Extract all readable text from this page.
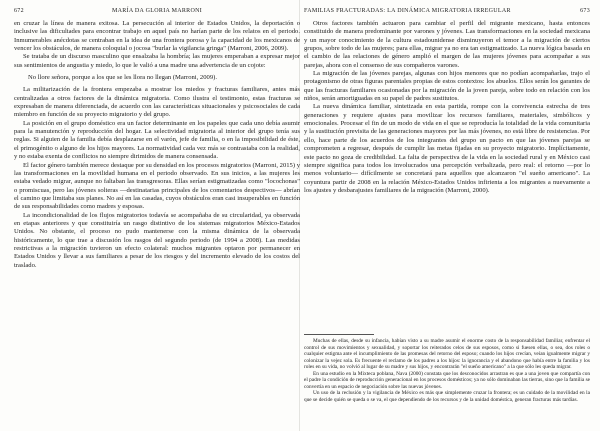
672	MARÍA DA GLORIA MARRONI

en cruzar la línea de manera exitosa. La persecución al interior de Estados Unidos, la deportación o inclusive las dificultades para encontrar trabajo en aquel país no harían parte de los relatos en el periodo. Inmumerables anécdotas se centraban en la idea de una frontera porosa y la capacidad de los mexicanos de vencer los obstáculos, de manera coloquial o jocosa "burlar la vigilancia gringa" (Marroni, 2006, 2009).

Se trataba de un discurso masculino que ensalzaba la hombría; las mujeres emperaban a expresar mejor sus sentimientos de angustia y miedo, lo que le valió a una madre una advertencia de un cojote:

No llore señora, porque a los que se les llora no llegan (Marroni, 2009).

La militarización de la frontera empezaba a mostrar los miedos y fracturas familiares, antes más centralizadas a otros factores de la dinámica migratoria. Como ilustra el testimonio, estas fracturas se expresaban de manera diferenciada, de acuerdo con las características situacionales y psicosociales de cada miembro en función de su proyecto migratorio y del grupo.

La posición en el grupo doméstico era un factor determinante en los papeles que cada uno debía asumir para la manutención y reproducción del hogar. La selectividad migratoria al interior del grupo tenía sus reglas. Si alguien de la familia debía desplazarse en el varón, jefe de familia, o en la imposibilidad de éste, el primogénito o alguno de los hijos mayores. La normatividad cada vez más se contrastaba con la realidad, y no estaba exenta de conflictos no siempre dirimidos de manera consensada.

El factor género también merece destaque por su densidad en los procesos migratorios (Marroni, 2015) y las transformaciones en la movilidad humana en el periodo observado. En sus inicios, a las mujeres les estaba vedado migrar, aunque no faltaban las transgresoras. Ellas serían estigmatizadas como "locochonas" o promiscuas, pero las jóvenes solteras —destinatarias principales de los comentarios despectivos— abrían el camino que limitaba sus planes. No así en las casadas, cuyos obstáculos eran casi insuperables en función de sus responsabilidades como madres y esposas.

La incondicionalidad de los flujos migratorios todavía se acompañaba de su circularidad, ya observada en etapas anteriores y que constituiría un rasgo distintivo de los sistemas migratorios México-Estados Unidos. No obstante, el proceso no pudo mantenerse con la misma dinámica de la observada históricamente, lo que trae a discusión los rasgos del segundo periodo (de 1994 a 2008). Las medidas restrictivas a la migración tuvieron un efecto colateral: muchos migrantes optaron por permanecer en Estados Unidos y llevar a sus familiares a pesar de los riesgos y del incremento elevado de los costos del traslado.

FAMILIAS FRACTURADAS: LA DINÁMICA MIGRATORIA IRREGULAR	673

Otros factores también actuaron para cambiar el perfil del migrante mexicano, hasta entonces constituido de manera predominante por varones y jóvenes. Las transformaciones en la sociedad mexicana y un mayor conocimiento de la cultura estadounidense disminuyeron el temor a la migración de ciertos grupos, sobre todo de las mujeres; para ellas, migrar ya no era tan estigmatizado. La nueva lógica basada en el cambio de las relaciones de género amplió el margen de las mujeres jóvenes para acompañar a sus parejas, ahora con el consenso de sus compañeros varones.

La migración de las jóvenes parejas, algunas con hijos menores que no podían acompañarlas, trajo el protagonismo de otras figuras parentales propias de estos contextos: los abuelos. Ellos serán los garantes de que las fracturas familiares ocasionadas por la migración de la joven pareja, sobre todo en relación con los niños, serán amortiguadas en su papel de padres sustitutos.

La nueva dinámica familiar, sintetizada en esta partida, rompe con la convivencia estrecha de tres generaciones y requiere ajustes para movilizar los recursos familiares, materiales, simbólicos y emocionales. Procesar el fin de un modo de vida en el que se reproducía la totalidad de la vida comunitaria y la sustitución previsita de las generaciones mayores por las más jóvenes, no está libre de resistencias. Por ello, hace parte de los acuerdos de los integrantes del grupo un pacto en que las jóvenes parejas se comprometen a regresar, después de cumplir las metas fijadas en su proyecto migratorio. Implícitamente, este pacto no goza de credibilidad. La falta de perspectiva de la vida en la sociedad rural y en México casi siempre significa para todos los involucrados una percepción verbalizada, pero real: el retorno —por lo menos voluntario— difícilmente se concretará para aquellos que alcanzaron "el sueño americano". La coyuntura partir de 2008 en la relación México-Estados Unidos infirienta a los migrantes a nuevamente a los ajustes y desbarajustes familiares de la migración (Marroni, 2000).

Muchas de ellas, desde su infancia, habían visto a su madre asumir el enorme costo de la responsabilidad familiar, enfrentar el control de sus movimientos y sexualidad, y soportar los reiterados celos de sus esposos, como si fuesen ellas, o sea, dos roles o cualquier estigma ante el incumplimiento de las promesas del retorno del esposo; cuando los hijos crecían, veían igualmente migrar y colonizar la vejez sola. Es frecuente el reclamo de los padres a los hijos: la ignorancia y el abandono que había entre la familia y los roles en su vida, no volvió al lugar de su madre y sus hijos, y encontrarán "el sueño americano" a la que sólo les queda migrar.

En una estudio en la Mixteca poblana, Nava (2000) constata que los desconocidos arrastran es que a una joven que compartía con el padre la condición de reproducción generacional en los procesos domésticos; ya no sólo dominaban las tierras, sino que la familia se convertía en un espacio de negociación sobre las nuevas jóvenes.

Un uso de la reclusión y la vigilancia de México es más que simplemente cruzar la frontera; es un cuidado de la movilidad en la que se decide quién se queda o se va, el que dependiendo de los recursos y de la unidad doméstica, generan fracturas más tardías.
